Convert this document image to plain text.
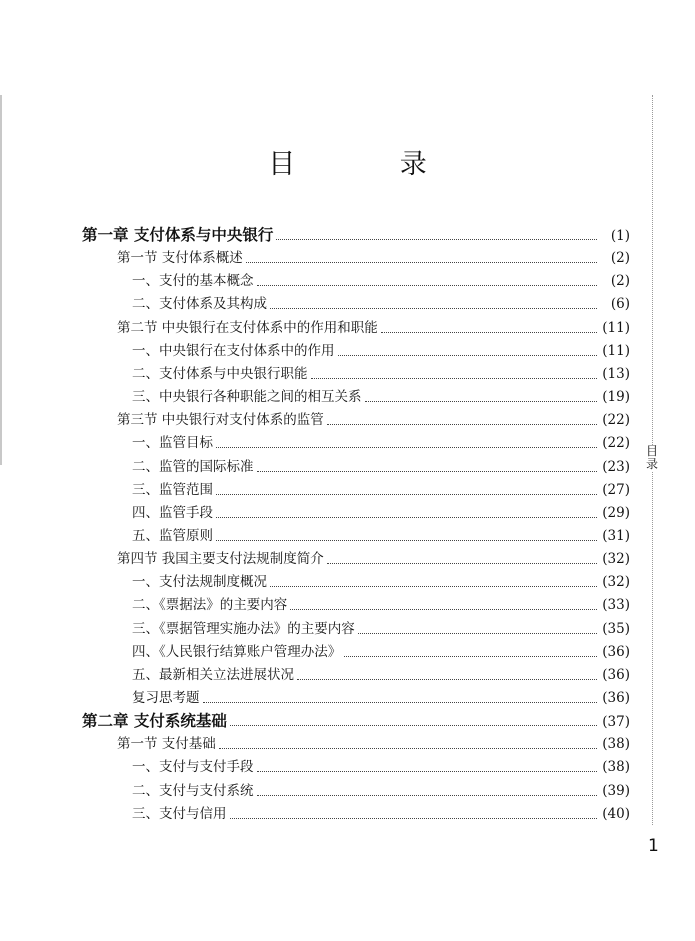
目
录
目 录
第一章 支付体系与中央银行	(1)
第一节 支付体系概述	(2)
一、支付的基本概念	(2)
二、支付体系及其构成	(6)
第二节 中央银行在支付体系中的作用和职能	(11)
一、中央银行在支付体系中的作用	(11)
二、支付体系与中央银行职能	(13)
三、中央银行各种职能之间的相互关系	(19)
第三节 中央银行对支付体系的监管	(22)
一、监管目标	(22)
二、监管的国际标准	(23)
三、监管范围	(27)
四、监管手段	(29)
五、监管原则	(31)
第四节 我国主要支付法规制度简介	(32)
一、支付法规制度概况	(32)
二、《票据法》的主要内容	(33)
三、《票据管理实施办法》的主要内容	(35)
四、《人民银行结算账户管理办法》	(36)
五、最新相关立法进展状况	(36)
复习思考题	(36)
第二章 支付系统基础	(37)
第一节 支付基础	(38)
一、支付与支付手段	(38)
二、支付与支付系统	(39)
三、支付与信用	(40)
1
